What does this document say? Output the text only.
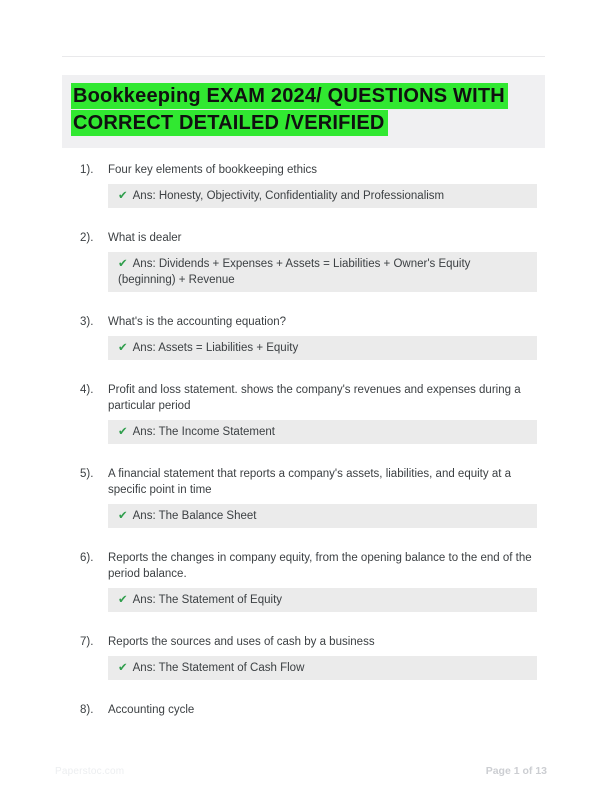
Bookkeeping EXAM 2024/ QUESTIONS WITH
CORRECT DETAILED /VERIFIED
1).	Four key elements of bookkeeping ethics
✔ Ans: Honesty, Objectivity, Confidentiality and Professionalism
2).	What is dealer
✔ Ans: Dividends + Expenses + Assets = Liabilities + Owner's Equity (beginning) + Revenue
3).	What's is the accounting equation?
✔ Ans: Assets = Liabilities + Equity
4).	Profit and loss statement. shows the company's revenues and expenses during a particular period
✔ Ans: The Income Statement
5).	A financial statement that reports a company's assets, liabilities, and equity at a specific point in time
✔ Ans: The Balance Sheet
6).	Reports the changes in company equity, from the opening balance to the end of the period balance.
✔ Ans: The Statement of Equity
7).	Reports the sources and uses of cash by a business
✔ Ans: The Statement of Cash Flow
8).	Accounting cycle
Paperstoc.com	Page 1 of 13
